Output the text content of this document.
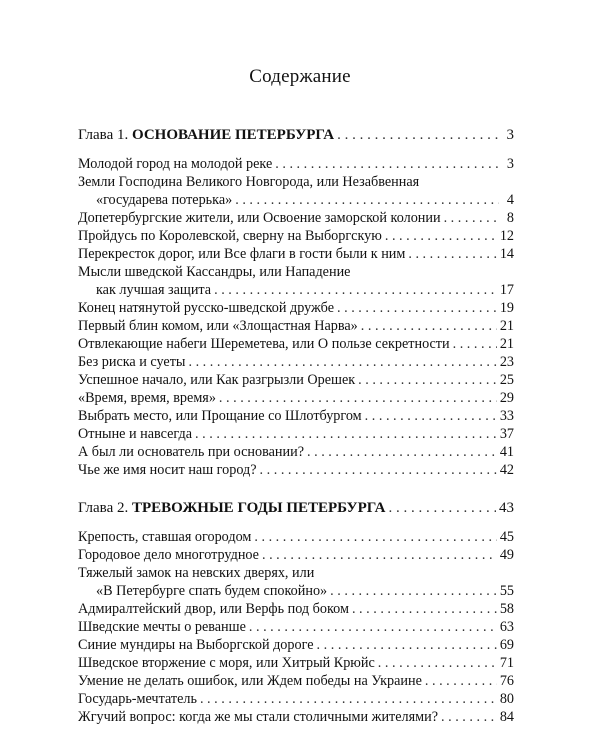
Содержание
Глава 1. ОСНОВАНИЕ ПЕТЕРБУРГА . . .	3
Молодой город на молодой реке . . .	3
Земли Господина Великого Новгорода, или Незабвенная
«государева потерька» . . .	4
Допетербургские жители, или Освоение заморской колонии . . .	8
Пройдусь по Королевской, сверну на Выборгскую . . .	12
Перекресток дорог, или Все флаги в гости были к ним . . .	14
Мысли шведской Кассандры, или Нападение
как лучшая защита . . .	17
Конец натянутой русско-шведской дружбе . . .	19
Первый блин комом, или «Злощастная Нарва» . . .	21
Отвлекающие набеги Шереметева, или О пользе секретности . . .	21
Без риска и суеты . . .	23
Успешное начало, или Как разгрызли Орешек . . .	25
«Время, время, время» . . .	29
Выбрать место, или Прощание со Шлотбургом . . .	33
Отныне и навсегда . . .	37
А был ли основатель при основании? . . .	41
Чье же имя носит наш город? . . .	42
Глава 2. ТРЕВОЖНЫЕ ГОДЫ ПЕТЕРБУРГА . . .	43
Крепость, ставшая огородом . . .	45
Городовое дело многотрудное . . .	49
Тяжелый замок на невских дверях, или
«В Петербурге спать будем спокойно» . . .	55
Адмиралтейский двор, или Верфь под боком . . .	58
Шведские мечты о реванше . . .	63
Синие мундиры на Выборгской дороге . . .	69
Шведское вторжение с моря, или Хитрый Крюйс . . .	71
Умение не делать ошибок, или Ждем победы на Украине . . .	76
Государь-мечтатель . . .	80
Жгучий вопрос: когда же мы стали столичными жителями? . . .	84
